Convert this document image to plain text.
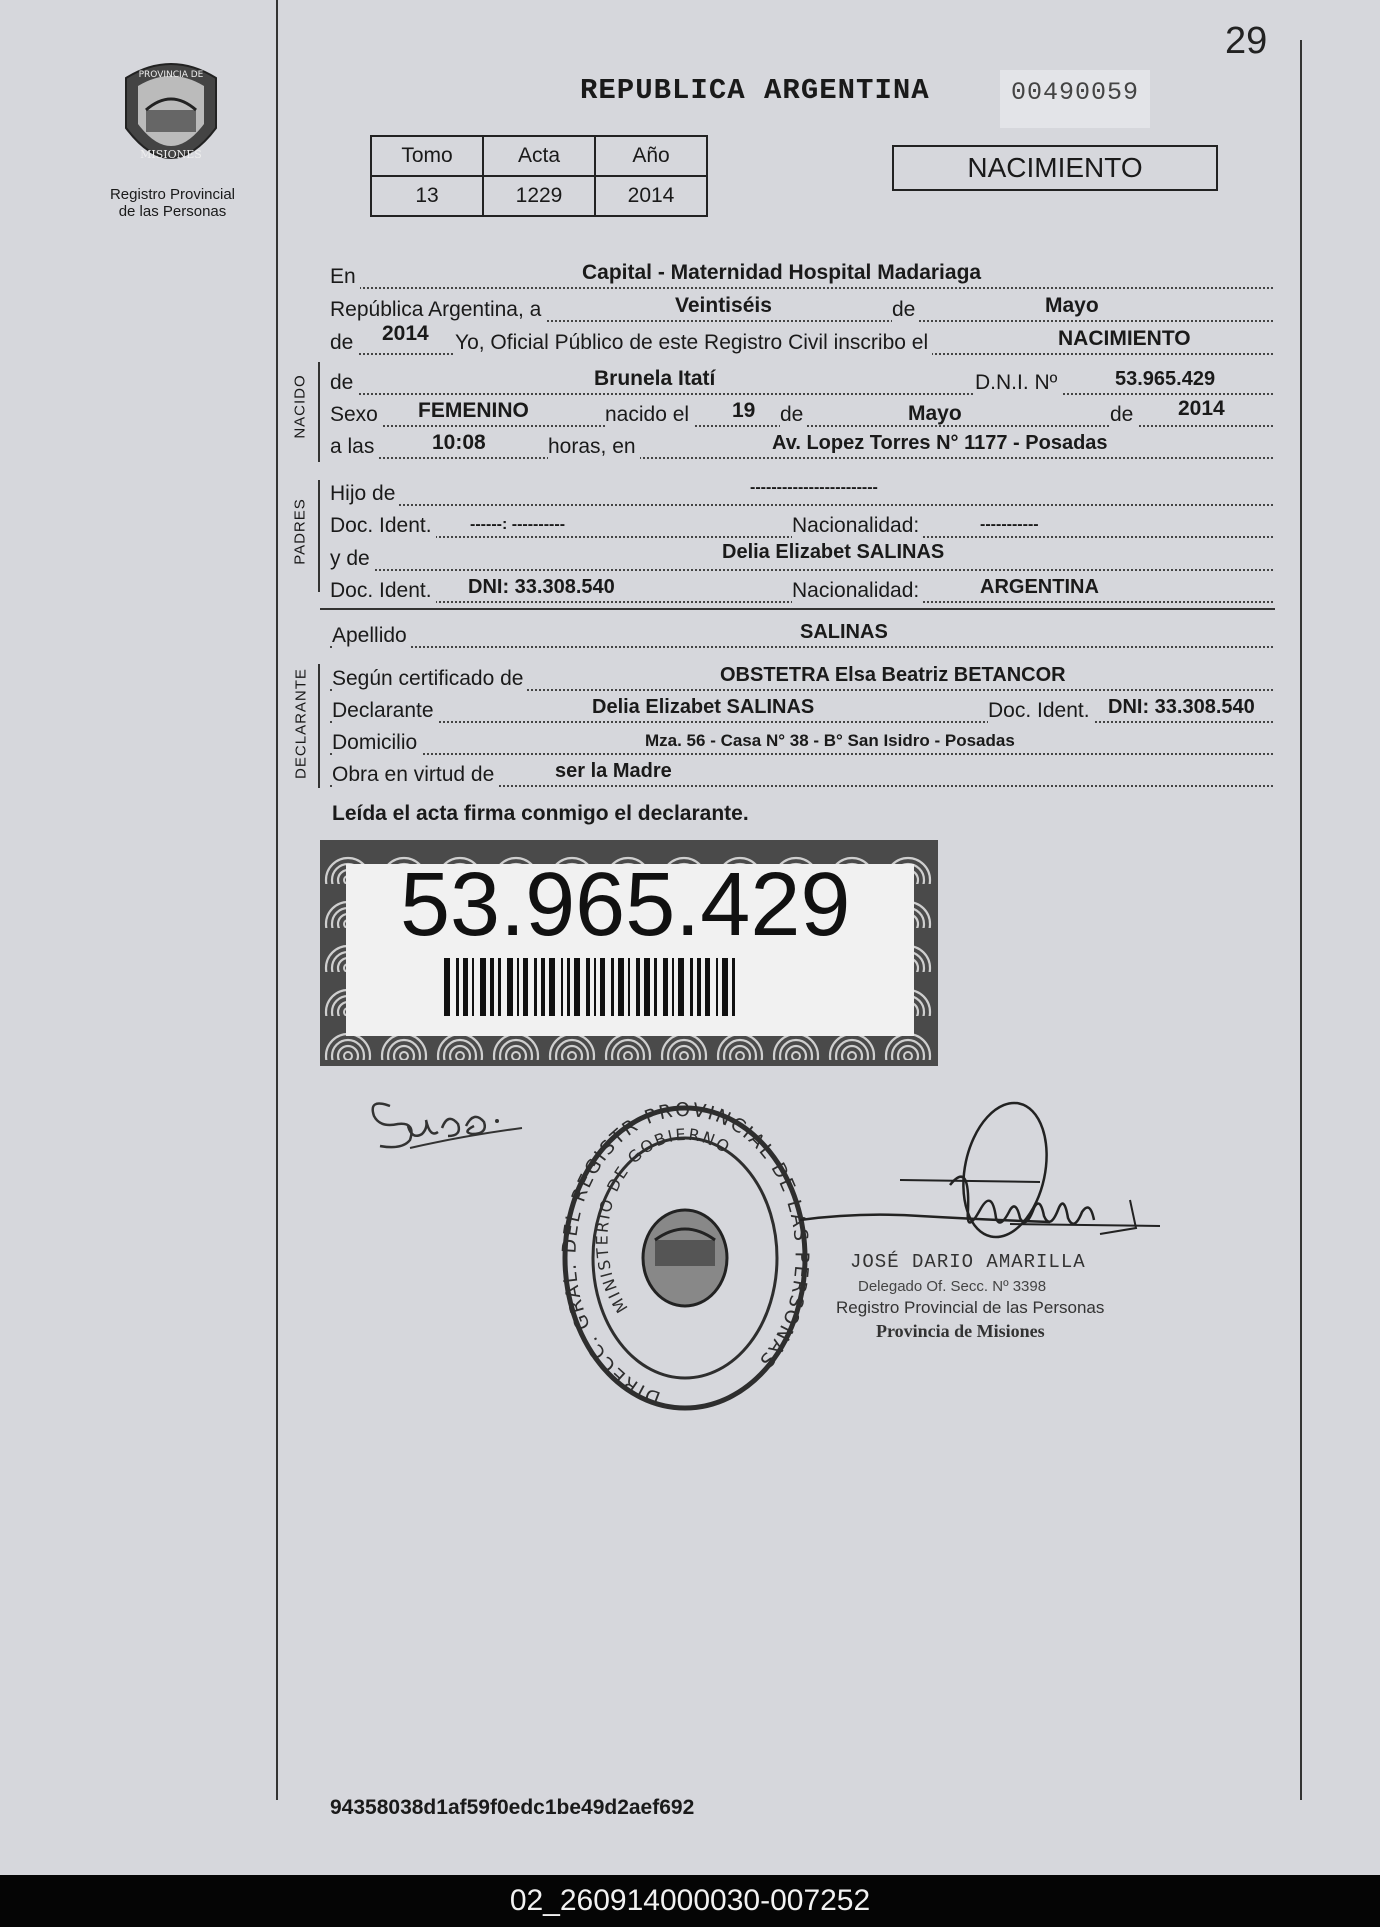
29
PROVINCIA DE
MISIONES
Registro Provincial
de las Personas
REPUBLICA ARGENTINA	00490059
Tomo	Acta	Año
13	1229	2014
NACIMIENTO
En	Capital - Maternidad Hospital Madariaga
República Argentina, a	Veintiséis	de	Mayo
de 2014 Yo, Oficial Público de este Registro Civil inscribo el	NACIMIENTO
NACIDO de	Brunela Itatí	D.N.I. Nº	53.965.429
Sexo FEMENINO	nacido el 19 de	Mayo	de 2014
a las	10:08	horas, en	Av. Lopez Torres N° 1177 - Posadas
PADRES
Hijo de	------------------------
Doc. Ident. ------: ----------	Nacionalidad:	-----------
y de	Delia Elizabet SALINAS
Doc. Ident. DNI: 33.308.540	Nacionalidad:	ARGENTINA
Apellido	SALINAS
DECLARANTE Según certificado de	OBSTETRA Elsa Beatriz BETANCOR
Declarante	Delia Elizabet SALINAS	Doc. Ident. DNI: 33.308.540
Domicilio	Mza. 56 - Casa N° 38 - B° San Isidro - Posadas
Obra en virtud de	ser la Madre
Leída el acta firma conmigo el declarante.
53.965.429
DIRECC. GRAL. DEL REGISTR PROVINCIAL DE LAS PERSONAS
MINISTERIO DE GOBIERNO
JOSÉ DARIO AMARILLA
Delegado Of. Secc. Nº 3398
Registro Provincial de las Personas
Provincia de Misiones
94358038d1af59f0edc1be49d2aef692
02_260914000030-007252
